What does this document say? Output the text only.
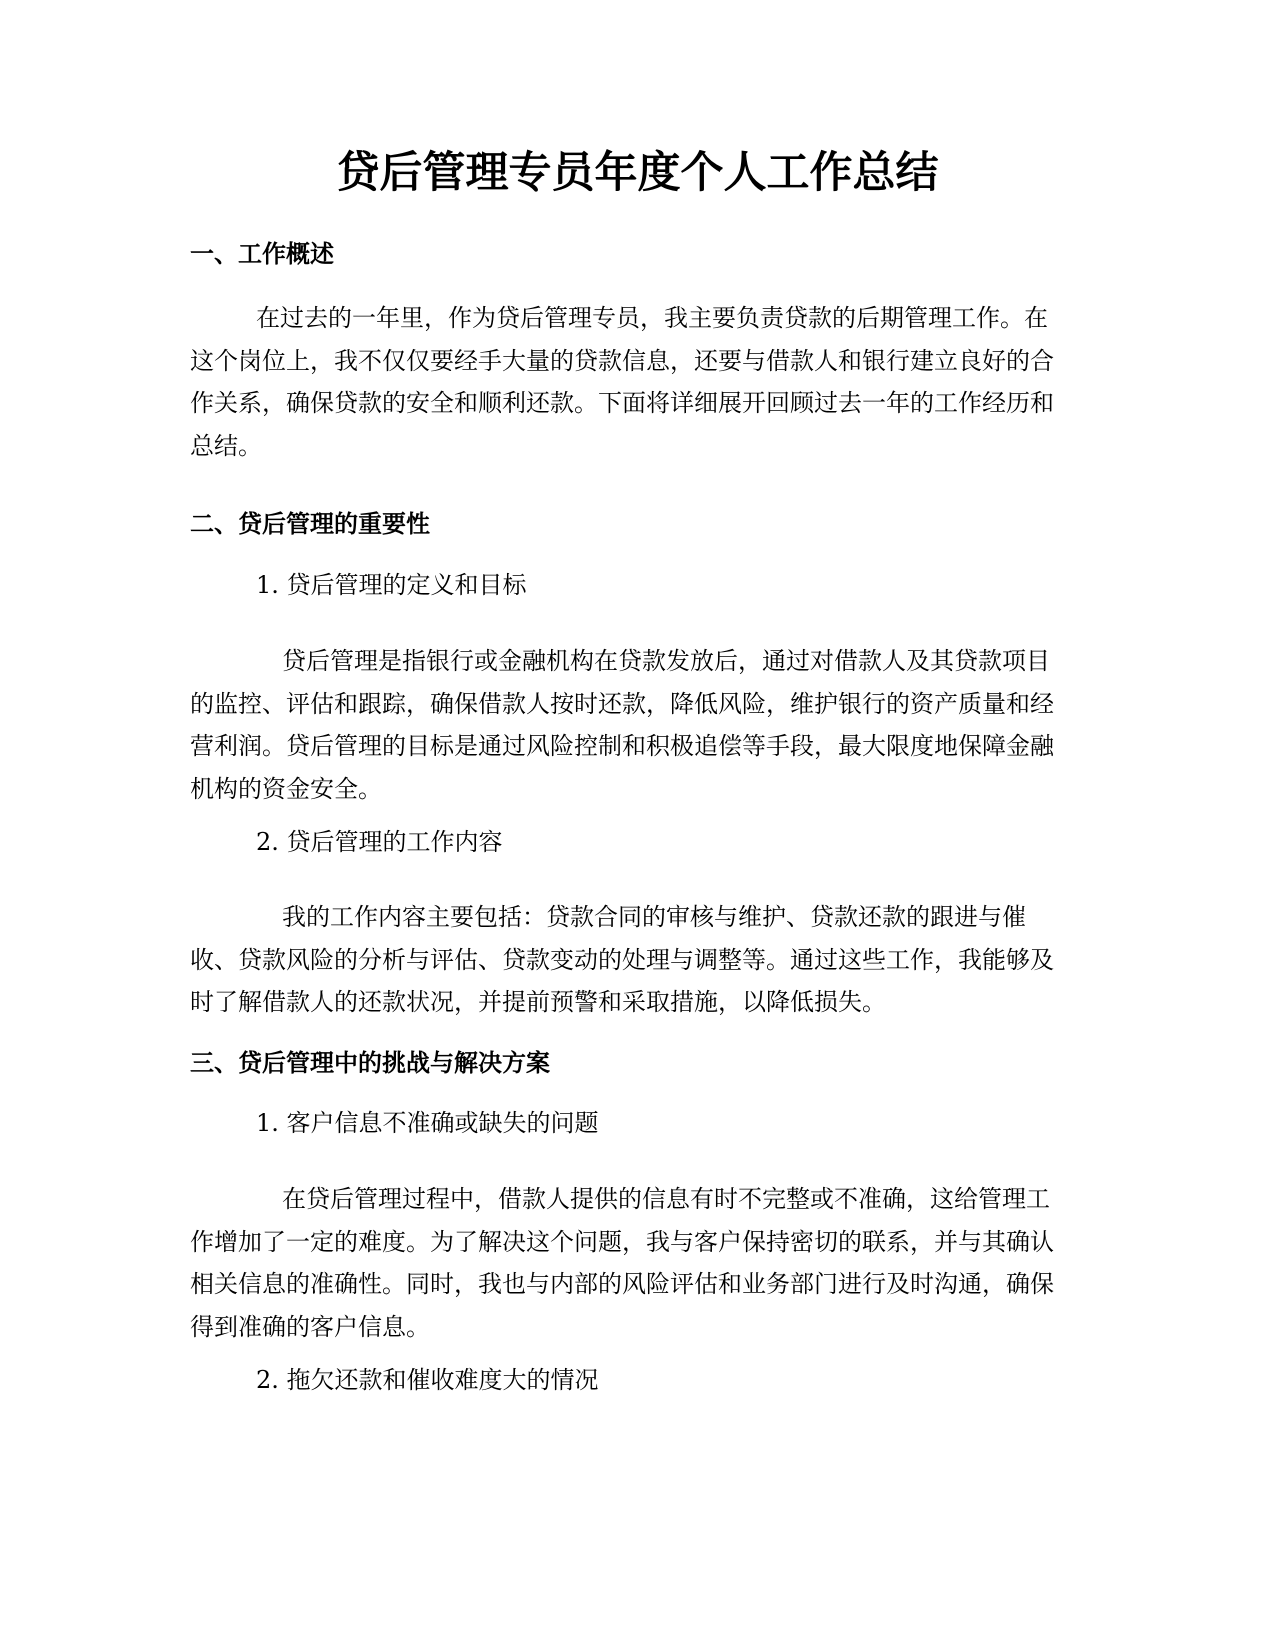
贷后管理专员年度个人工作总结
一、工作概述
在过去的一年里，作为贷后管理专员，我主要负责贷款的后期管理工作。在
这个岗位上，我不仅仅要经手大量的贷款信息，还要与借款人和银行建立良好的合
作关系，确保贷款的安全和顺利还款。下面将详细展开回顾过去一年的工作经历和
总结。
二、贷后管理的重要性
1. 贷后管理的定义和目标
贷后管理是指银行或金融机构在贷款发放后，通过对借款人及其贷款项目
的监控、评估和跟踪，确保借款人按时还款，降低风险，维护银行的资产质量和经
营利润。贷后管理的目标是通过风险控制和积极追偿等手段，最大限度地保障金融
机构的资金安全。
2. 贷后管理的工作内容
我的工作内容主要包括：贷款合同的审核与维护、贷款还款的跟进与催
收、贷款风险的分析与评估、贷款变动的处理与调整等。通过这些工作，我能够及
时了解借款人的还款状况，并提前预警和采取措施，以降低损失。
三、贷后管理中的挑战与解决方案
1. 客户信息不准确或缺失的问题
在贷后管理过程中，借款人提供的信息有时不完整或不准确，这给管理工
作增加了一定的难度。为了解决这个问题，我与客户保持密切的联系，并与其确认
相关信息的准确性。同时，我也与内部的风险评估和业务部门进行及时沟通，确保
得到准确的客户信息。
2. 拖欠还款和催收难度大的情况
